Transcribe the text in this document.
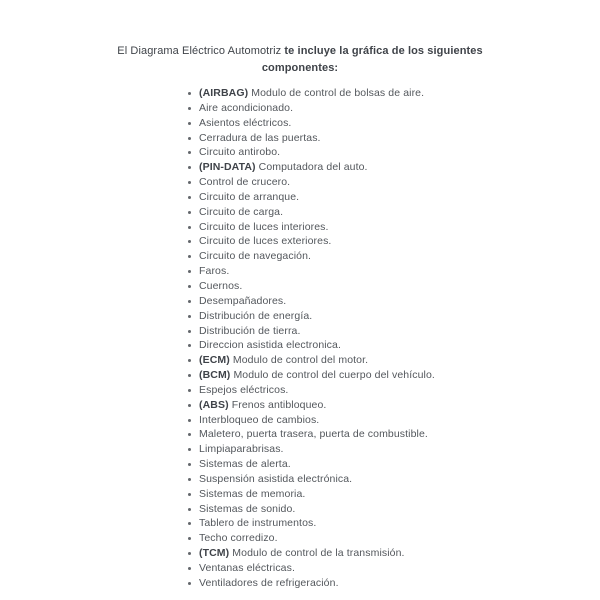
El Diagrama Eléctrico Automotriz te incluye la gráfica de los siguientes
componentes:
(AIRBAG) Modulo de control de bolsas de aire.
Aire acondicionado.
Asientos eléctricos.
Cerradura de las puertas.
Circuito antirobo.
(PIN-DATA) Computadora del auto.
Control de crucero.
Circuito de arranque.
Circuito de carga.
Circuito de luces interiores.
Circuito de luces exteriores.
Circuito de navegación.
Faros.
Cuernos.
Desempañadores.
Distribución de energía.
Distribución de tierra.
Direccion asistida electronica.
(ECM) Modulo de control del motor.
(BCM) Modulo de control del cuerpo del vehículo.
Espejos eléctricos.
(ABS) Frenos antibloqueo.
Interbloqueo de cambios.
Maletero, puerta trasera, puerta de combustible.
Limpiaparabrisas.
Sistemas de alerta.
Suspensión asistida electrónica.
Sistemas de memoria.
Sistemas de sonido.
Tablero de instrumentos.
Techo corredizo.
(TCM) Modulo de control de la transmisión.
Ventanas eléctricas.
Ventiladores de refrigeración.
